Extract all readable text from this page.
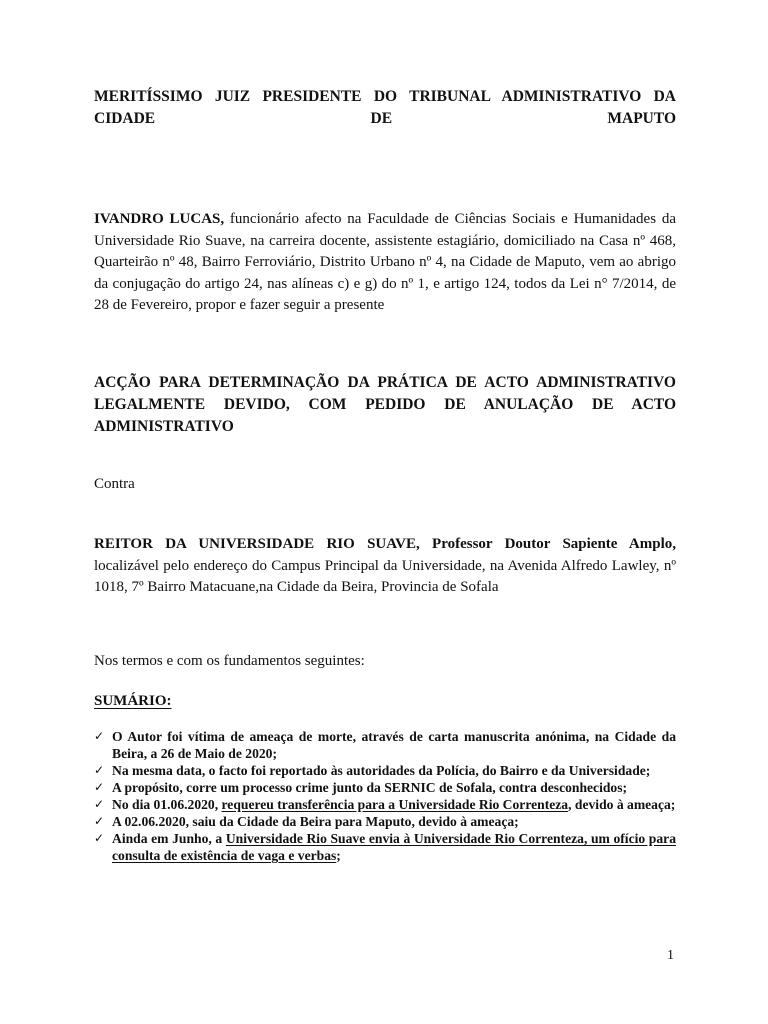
MERITÍSSIMO JUIZ PRESIDENTE DO TRIBUNAL ADMINISTRATIVO DA CIDADE DE MAPUTO

IVANDRO LUCAS, funcionário afecto na Faculdade de Ciências Sociais e Humanidades da Universidade Rio Suave, na carreira docente, assistente estagiário, domiciliado na Casa nº 468, Quarteirão nº 48, Bairro Ferroviário, Distrito Urbano nº 4, na Cidade de Maputo, vem ao abrigo da conjugação do artigo 24, nas alíneas c) e g) do nº 1, e artigo 124, todos da Lei n° 7/2014, de 28 de Fevereiro, propor e fazer seguir a presente

ACÇÃO PARA DETERMINAÇÃO DA PRÁTICA DE ACTO ADMINISTRATIVO LEGALMENTE DEVIDO, COM PEDIDO DE ANULAÇÃO DE ACTO ADMINISTRATIVO

Contra

REITOR DA UNIVERSIDADE RIO SUAVE, Professor Doutor Sapiente Amplo, localizável pelo endereço do Campus Principal da Universidade, na Avenida Alfredo Lawley, nº 1018, 7º Bairro Matacuane,na Cidade da Beira, Provincia de Sofala

Nos termos e com os fundamentos seguintes:

SUMÁRIO:

✓ O Autor foi vítima de ameaça de morte, através de carta manuscrita anónima, na Cidade da Beira, a 26 de Maio de 2020;
✓ Na mesma data, o facto foi reportado às autoridades da Polícia, do Bairro e da Universidade;
✓ A propósito, corre um processo crime junto da SERNIC de Sofala, contra desconhecidos;
✓ No dia 01.06.2020, requereu transferência para a Universidade Rio Correnteza, devido à ameaça;
✓ A 02.06.2020, saiu da Cidade da Beira para Maputo, devido à ameaça;
✓ Ainda em Junho, a Universidade Rio Suave envia à Universidade Rio Correnteza, um ofício para consulta de existência de vaga e verbas;
1
